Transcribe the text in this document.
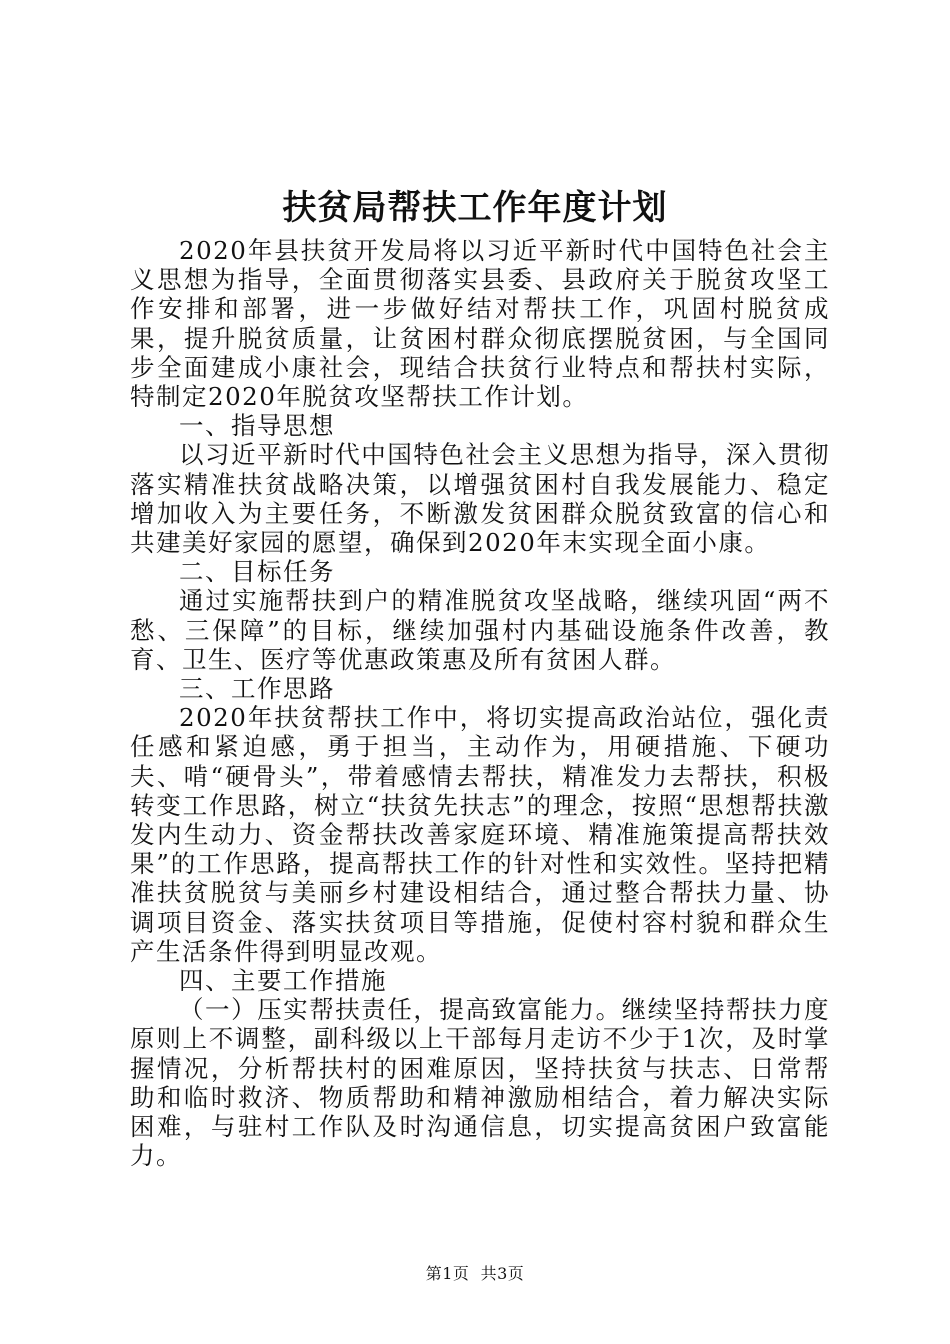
扶贫局帮扶工作年度计划

2020年县扶贫开发局将以习近平新时代中国特色社会主义思想为指导，全面贯彻落实县委、县政府关于脱贫攻坚工作安排和部署，进一步做好结对帮扶工作，巩固村脱贫成果，提升脱贫质量，让贫困村群众彻底摆脱贫困，与全国同步全面建成小康社会，现结合扶贫行业特点和帮扶村实际，特制定2020年脱贫攻坚帮扶工作计划。

一、指导思想

以习近平新时代中国特色社会主义思想为指导，深入贯彻落实精准扶贫战略决策，以增强贫困村自我发展能力、稳定增加收入为主要任务，不断激发贫困群众脱贫致富的信心和共建美好家园的愿望，确保到2020年末实现全面小康。

二、目标任务

通过实施帮扶到户的精准脱贫攻坚战略，继续巩固“两不愁、三保障”的目标，继续加强村内基础设施条件改善，教育、卫生、医疗等优惠政策惠及所有贫困人群。

三、工作思路

2020年扶贫帮扶工作中，将切实提高政治站位，强化责任感和紧迫感，勇于担当，主动作为，用硬措施、下硬功夫、啃“硬骨头”，带着感情去帮扶，精准发力去帮扶，积极转变工作思路，树立“扶贫先扶志”的理念，按照“思想帮扶激发内生动力、资金帮扶改善家庭环境、精准施策提高帮扶效果”的工作思路，提高帮扶工作的针对性和实效性。坚持把精准扶贫脱贫与美丽乡村建设相结合，通过整合帮扶力量、协调项目资金、落实扶贫项目等措施，促使村容村貌和群众生产生活条件得到明显改观。

四、主要工作措施

（一）压实帮扶责任，提高致富能力。继续坚持帮扶力度原则上不调整，副科级以上干部每月走访不少于1次，及时掌握情况，分析帮扶村的困难原因，坚持扶贫与扶志、日常帮助和临时救济、物质帮助和精神激励相结合，着力解决实际困难，与驻村工作队及时沟通信息，切实提高贫困户致富能力。

第1页 共3页
